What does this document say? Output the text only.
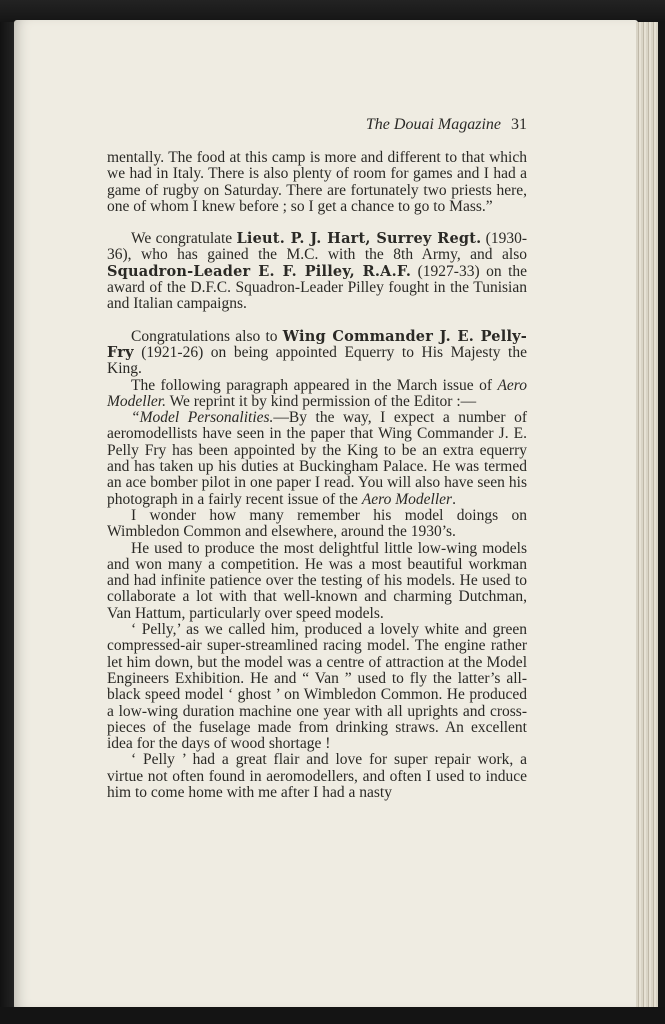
The Douai Magazine 31

mentally. The food at this camp is more and different to that which we had in Italy. There is also plenty of room for games and I had a game of rugby on Saturday. There are fortunately two priests here, one of whom I knew before ; so I get a chance to go to Mass.”

We congratulate Lieut. P. J. Hart, Surrey Regt. (1930-36), who has gained the M.C. with the 8th Army, and also Squadron-Leader E. F. Pilley, R.A.F. (1927-33) on the award of the D.F.C. Squadron-Leader Pilley fought in the Tunisian and Italian campaigns.

Congratulations also to Wing Commander J. E. Pelly-Fry (1921-26) on being appointed Equerry to His Majesty the King.

The following paragraph appeared in the March issue of Aero Modeller. We reprint it by kind permission of the Editor :—

“Model Personalities.—By the way, I expect a number of aeromodellists have seen in the paper that Wing Commander J. E. Pelly Fry has been appointed by the King to be an extra equerry and has taken up his duties at Buckingham Palace. He was termed an ace bomber pilot in one paper I read. You will also have seen his photograph in a fairly recent issue of the Aero Modeller.

I wonder how many remember his model doings on Wimbledon Common and elsewhere, around the 1930’s.

He used to produce the most delightful little low-wing models and won many a competition. He was a most beautiful workman and had infinite patience over the testing of his models. He used to collaborate a lot with that well-known and charming Dutchman, Van Hattum, particularly over speed models.

‘ Pelly,’ as we called him, produced a lovely white and green compressed-air super-streamlined racing model. The engine rather let him down, but the model was a centre of attraction at the Model Engineers Exhibition. He and “ Van ” used to fly the latter’s all-black speed model ‘ ghost ’ on Wimbledon Common. He produced a low-wing duration machine one year with all uprights and cross-pieces of the fuselage made from drinking straws. An excellent idea for the days of wood shortage !

‘ Pelly ’ had a great flair and love for super repair work, a virtue not often found in aeromodellers, and often I used to induce him to come home with me after I had a nasty
